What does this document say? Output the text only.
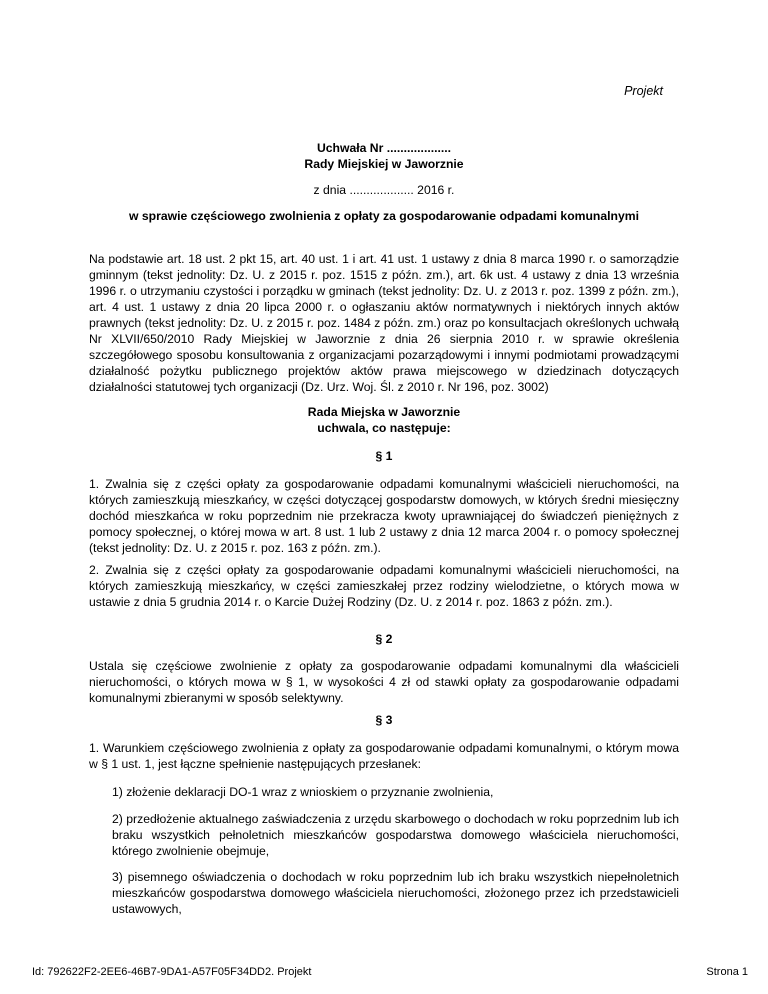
Projekt

Uchwała Nr ...................

Rady Miejskiej w Jaworznie

z dnia ................... 2016 r.
w sprawie częściowego zwolnienia z opłaty za gospodarowanie odpadami komunalnymi
Na podstawie art. 18 ust. 2 pkt 15, art. 40 ust. 1 i art. 41 ust. 1 ustawy z dnia 8 marca 1990 r. o samorządzie gminnym (tekst jednolity: Dz. U. z 2015 r. poz. 1515 z późn. zm.), art. 6k ust. 4 ustawy z dnia 13 września 1996 r. o utrzymaniu czystości i porządku w gminach (tekst jednolity: Dz. U. z 2013 r. poz. 1399 z późn. zm.), art. 4 ust. 1 ustawy z dnia 20 lipca 2000 r. o ogłaszaniu aktów normatywnych i niektórych innych aktów prawnych (tekst jednolity: Dz. U. z 2015 r. poz. 1484 z późn. zm.) oraz po konsultacjach określonych uchwałą Nr XLVII/650/2010 Rady Miejskiej w Jaworznie z dnia 26 sierpnia 2010 r. w sprawie określenia szczegółowego sposobu konsultowania z organizacjami pozarządowymi i innymi podmiotami prowadzącymi działalność pożytku publicznego projektów aktów prawa miejscowego w dziedzinach dotyczących działalności statutowej tych organizacji (Dz. Urz. Woj. Śl. z 2010 r. Nr 196, poz. 3002)

Rada Miejska w Jaworznie

uchwala, co następuje:

§ 1
1. Zwalnia się z części opłaty za gospodarowanie odpadami komunalnymi właścicieli nieruchomości, na których zamieszkują mieszkańcy, w części dotyczącej gospodarstw domowych, w których średni miesięczny dochód mieszkańca w roku poprzednim nie przekracza kwoty uprawniającej do świadczeń pieniężnych z pomocy społecznej, o której mowa w art. 8 ust. 1 lub 2 ustawy z dnia 12 marca 2004 r. o pomocy społecznej (tekst jednolity: Dz. U. z 2015 r. poz. 163 z późn. zm.).
2. Zwalnia się z części opłaty za gospodarowanie odpadami komunalnymi właścicieli nieruchomości, na których zamieszkują mieszkańcy, w części zamieszkałej przez rodziny wielodzietne, o których mowa w ustawie z dnia 5 grudnia 2014 r. o Karcie Dużej Rodziny (Dz. U. z 2014 r. poz. 1863 z późn. zm.).
§ 2
Ustala się częściowe zwolnienie z opłaty za gospodarowanie odpadami komunalnymi dla właścicieli nieruchomości, o których mowa w § 1, w wysokości 4 zł od stawki opłaty za gospodarowanie odpadami komunalnymi zbieranymi w sposób selektywny.
§ 3
1. Warunkiem częściowego zwolnienia z opłaty za gospodarowanie odpadami komunalnymi, o którym mowa w § 1 ust. 1, jest łączne spełnienie następujących przesłanek:
1) złożenie deklaracji DO-1 wraz z wnioskiem o przyznanie zwolnienia,
2) przedłożenie aktualnego zaświadczenia z urzędu skarbowego o dochodach w roku poprzednim lub ich braku wszystkich pełnoletnich mieszkańców gospodarstwa domowego właściciela nieruchomości, którego zwolnienie obejmuje,
3) pisemnego oświadczenia o dochodach w roku poprzednim lub ich braku wszystkich niepełnoletnich mieszkańców gospodarstwa domowego właściciela nieruchomości, złożonego przez ich przedstawicieli ustawowych,
Id: 792622F2-2EE6-46B7-9DA1-A57F05F34DD2. Projekt	Strona 1
